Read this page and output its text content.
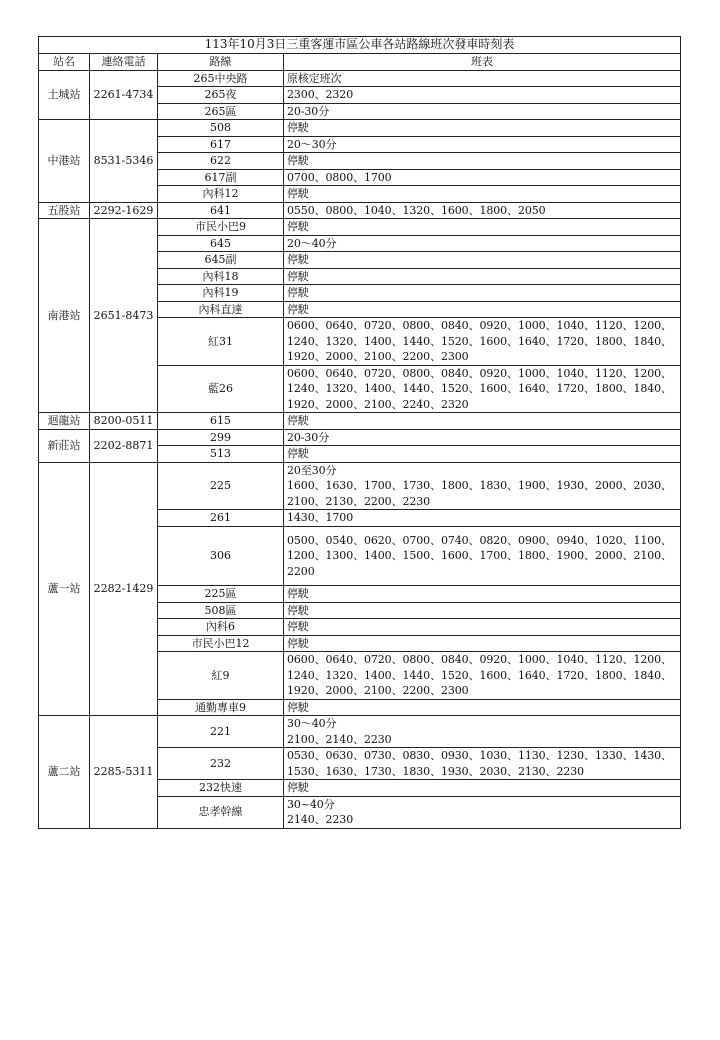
113年10月3日三重客運市區公車各站路線班次發車時刻表			
站名	連絡電話	路線	班表
土城站	2261-4734	265中央路	原核定班次
		265夜	2300、2320
		265區	20-30分
中港站	8531-5346	508	停駛
		617	20～30分
		622	停駛
		617副	0700、0800、1700
		內科12	停駛
五股站	2292-1629	641	0550、0800、1040、1320、1600、1800、2050
南港站	2651-8473	市民小巴9	停駛
		645	20～40分
		645副	停駛
		內科18	停駛
		內科19	停駛
		內科直達	停駛
		紅31	0600、0640、0720、0800、0840、0920、1000、1040、1120、1200、
1240、1320、1400、1440、1520、1600、1640、1720、1800、1840、
1920、2000、2100、2200、2300
		藍26	0600、0640、0720、0800、0840、0920、1000、1040、1120、1200、
1240、1320、1400、1440、1520、1600、1640、1720、1800、1840、
1920、2000、2100、2240、2320
迴龍站	8200-0511	615	停駛
新莊站	2202-8871	299	20-30分
		513	停駛
蘆一站	2282-1429	225	20至30分
1600、1630、1700、1730、1800、1830、1900、1930、2000、2030、
2100、2130、2200、2230
		261	1430、1700
		306	0500、0540、0620、0700、0740、0820、0900、0940、1020、1100、
1200、1300、1400、1500、1600、1700、1800、1900、2000、2100、2200
		225區	停駛
		508區	停駛
		內科6	停駛
		市民小巴12	停駛
		紅9	0600、0640、0720、0800、0840、0920、1000、1040、1120、1200、
1240、1320、1400、1440、1520、1600、1640、1720、1800、1840、
1920、2000、2100、2200、2300
		通勤專車9	停駛
蘆二站	2285-5311	221	30～40分
2100、2140、2230
		232	0530、0630、0730、0830、0930、1030、1130、1230、1330、1430、
1530、1630、1730、1830、1930、2030、2130、2230
		232快速	停駛
		忠孝幹線	30~40分
2140、2230
